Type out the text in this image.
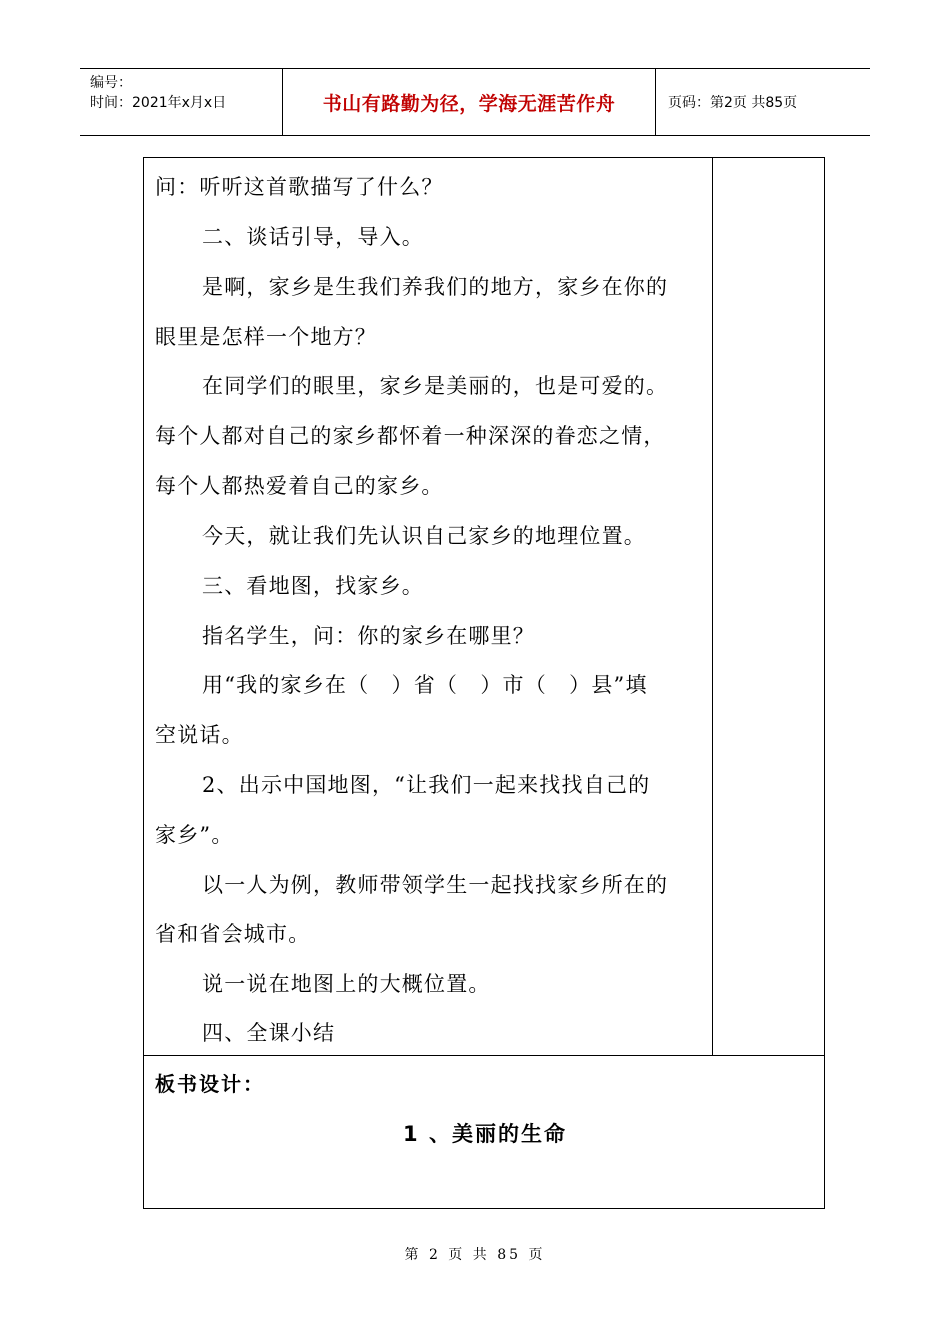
编号：
时间：2021年x月x日	书山有路勤为径，学海无涯苦作舟	页码：第2页 共85页
问：听听这首歌描写了什么？
二、谈话引导，导入。
是啊，家乡是生我们养我们的地方，家乡在你的
眼里是怎样一个地方？
在同学们的眼里，家乡是美丽的，也是可爱的。
每个人都对自己的家乡都怀着一种深深的眷恋之情，
每个人都热爱着自己的家乡。
今天，就让我们先认识自己家乡的地理位置。
三、看地图，找家乡。
指名学生，问：你的家乡在哪里？
用“我的家乡在（　）省（　）市（　）县”填
空说话。
2、出示中国地图，“让我们一起来找找自己的
家乡”。
以一人为例，教师带领学生一起找找家乡所在的
省和省会城市。
说一说在地图上的大概位置。
四、全课小结
板书设计：
1 、美丽的生命
第 2 页 共 85 页
